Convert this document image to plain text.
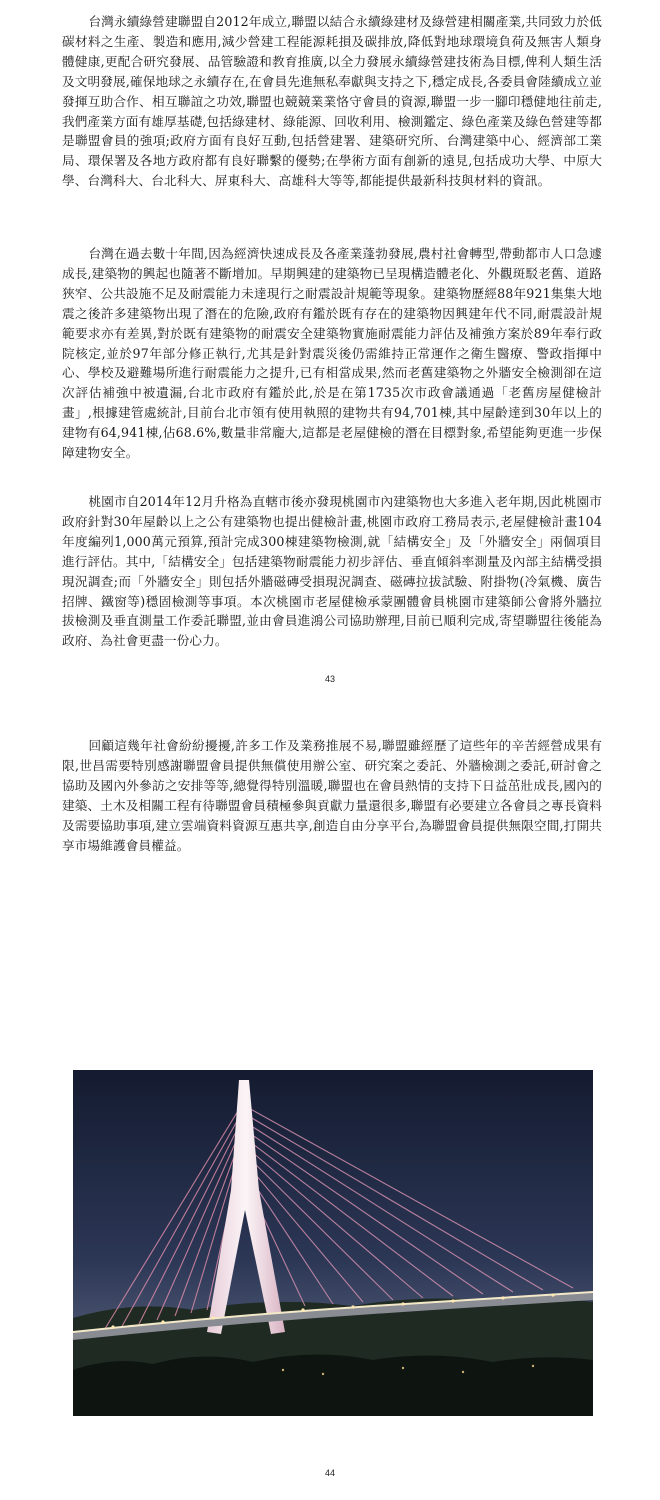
台灣永續綠營建聯盟自2012年成立,聯盟以結合永續綠建材及綠營建相關產業,共同致力於低碳材料之生產、製造和應用,減少營建工程能源耗損及碳排放,降低對地球環境負荷及無害人類身體健康,更配合研究發展、品管驗證和教育推廣,以全力發展永續綠營建技術為目標,俾利人類生活及文明發展,確保地球之永續存在,在會員先進無私奉獻與支持之下,穩定成長,各委員會陸續成立並發揮互助合作、相互聯誼之功效,聯盟也競競業業恪守會員的資源,聯盟一步一腳印穩健地往前走,我們產業方面有雄厚基礎,包括綠建材、綠能源、回收利用、檢測鑑定、綠色產業及綠色營建等都是聯盟會員的強項;政府方面有良好互動,包括營建署、建築研究所、台灣建築中心、經濟部工業局、環保署及各地方政府都有良好聯繫的優勢;在學術方面有創新的遠見,包括成功大學、中原大學、台灣科大、台北科大、屏東科大、高雄科大等等,都能提供最新科技與材料的資訊。

台灣在過去數十年間,因為經濟快速成長及各產業蓬勃發展,農村社會轉型,帶動都市人口急遽成長,建築物的興起也隨著不斷增加。早期興建的建築物已呈現構造體老化、外觀斑駁老舊、道路狹窄、公共設施不足及耐震能力未達現行之耐震設計規範等現象。建築物歷經88年921集集大地震之後許多建築物出現了潛在的危險,政府有鑑於既有存在的建築物因興建年代不同,耐震設計規範要求亦有差異,對於既有建築物的耐震安全建築物實施耐震能力評估及補強方案於89年奉行政院核定,並於97年部分修正執行,尤其是針對震災後仍需維持正常運作之衛生醫療、警政指揮中心、學校及避難場所進行耐震能力之提升,已有相當成果,然而老舊建築物之外牆安全檢測卻在這次評估補強中被遺漏,台北市政府有鑑於此,於是在第1735次市政會議通過「老舊房屋健檢計畫」,根據建管處統計,目前台北市領有使用執照的建物共有94,701棟,其中屋齡達到30年以上的建物有64,941棟,佔68.6%,數量非常龐大,這都是老屋健檢的潛在目標對象,希望能夠更進一步保障建物安全。

桃園市自2014年12月升格為直轄市後亦發現桃園市內建築物也大多進入老年期,因此桃園市政府針對30年屋齡以上之公有建築物也提出健檢計畫,桃園市政府工務局表示,老屋健檢計畫104年度編列1,000萬元預算,預計完成300棟建築物檢測,就「結構安全」及「外牆安全」兩個項目進行評估。其中,「結構安全」包括建築物耐震能力初步評估、垂直傾斜率測量及內部主結構受損現況調查;而「外牆安全」則包括外牆磁磚受損現況調查、磁磚拉拔試驗、附掛物(冷氣機、廣告招牌、鐵窗等)穩固檢測等事項。本次桃園市老屋健檢承蒙團體會員桃園市建築師公會將外牆拉拔檢測及垂直測量工作委託聯盟,並由會員進鴻公司協助辦理,目前已順利完成,寄望聯盟往後能為政府、為社會更盡一份心力。

43

回顧這幾年社會紛紛擾擾,許多工作及業務推展不易,聯盟雖經歷了這些年的辛苦經營成果有限,世昌需要特別感謝聯盟會員提供無償使用辦公室、研究案之委託、外牆檢測之委託,研討會之協助及國內外參訪之安排等等,總覺得特別溫暖,聯盟也在會員熱情的支持下日益茁壯成長,國內的建築、土木及相關工程有待聯盟會員積極參與貢獻力量還很多,聯盟有必要建立各會員之專長資料及需要協助事項,建立雲端資料資源互惠共享,創造自由分享平台,為聯盟會員提供無限空間,打開共享市場維護會員權益。

44
